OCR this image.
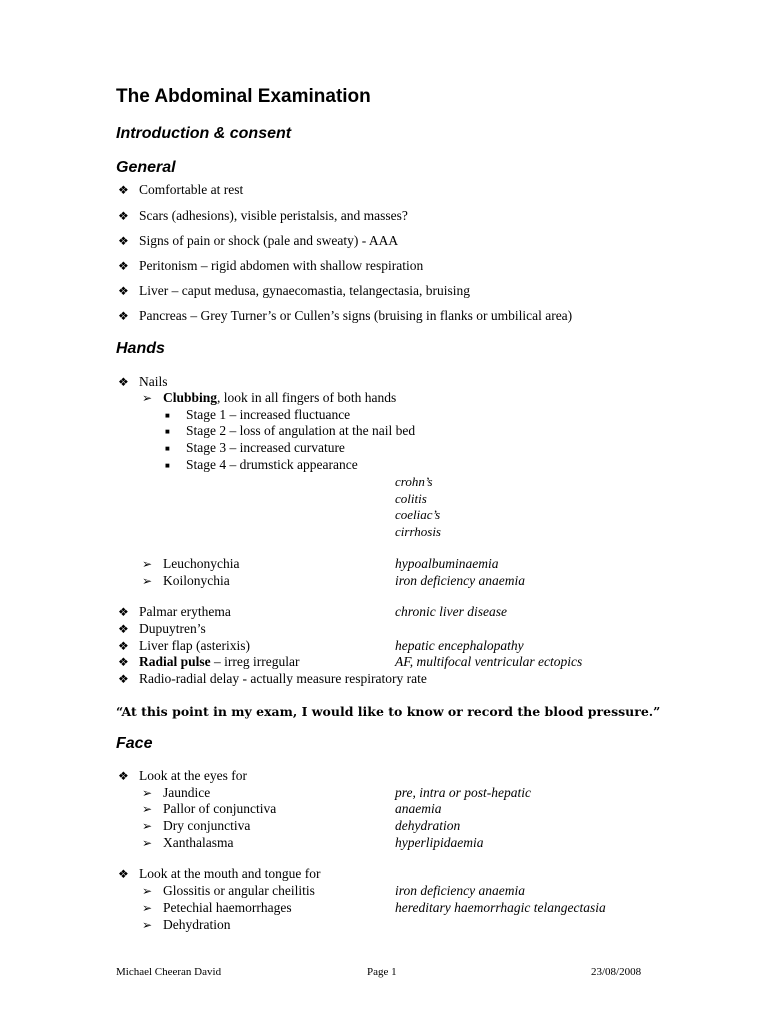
The Abdominal Examination
Introduction & consent
General
❖ Comfortable at rest
❖ Scars (adhesions), visible peristalsis, and masses?
❖ Signs of pain or shock (pale and sweaty) - AAA
❖ Peritonism – rigid abdomen with shallow respiration
❖ Liver – caput medusa, gynaecomastia, telangectasia, bruising
❖ Pancreas – Grey Turner’s or Cullen’s signs (bruising in flanks or umbilical area)
Hands
❖ Nails
➢ Clubbing, look in all fingers of both hands
■ Stage 1 – increased fluctuance
■ Stage 2 – loss of angulation at the nail bed
■ Stage 3 – increased curvature
■ Stage 4 – drumstick appearance
crohn’s
colitis
coeliac’s
cirrhosis
➢ Leuchonychia	hypoalbuminaemia
➢ Koilonychia	iron deficiency anaemia
❖ Palmar erythema	chronic liver disease
❖ Dupuytren’s
❖ Liver flap (asterixis)	hepatic encephalopathy
❖ Radial pulse – irreg irregular	AF, multifocal ventricular ectopics
❖ Radio-radial delay - actually measure respiratory rate
“At this point in my exam, I would like to know or record the blood pressure.”
Face
❖ Look at the eyes for
➢ Jaundice	pre, intra or post-hepatic
➢ Pallor of conjunctiva	anaemia
➢ Dry conjunctiva	dehydration
➢ Xanthalasma	hyperlipidaemia
❖ Look at the mouth and tongue for
➢ Glossitis or angular cheilitis	iron deficiency anaemia
➢ Petechial haemorrhages	hereditary haemorrhagic telangectasia
➢ Dehydration
Michael Cheeran David	Page 1	23/08/2008
